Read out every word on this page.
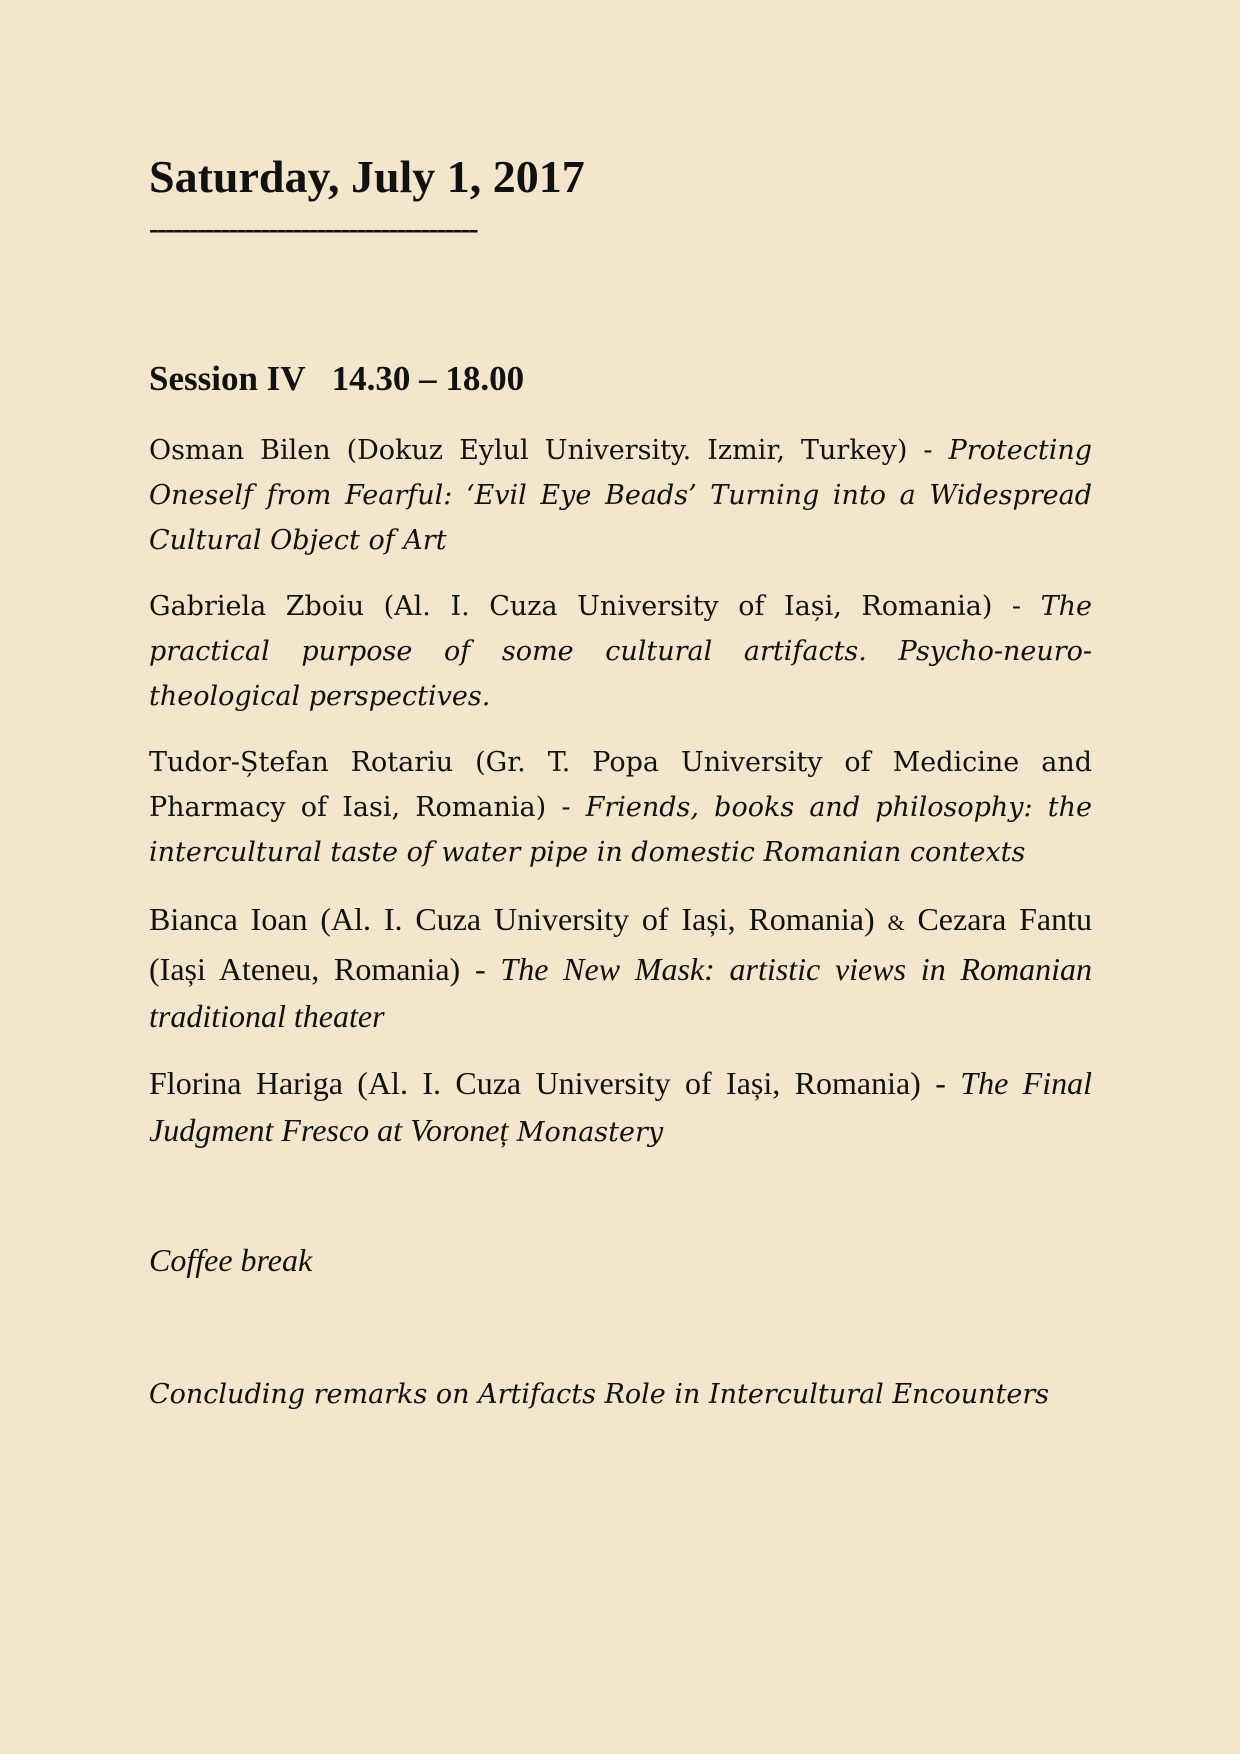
Saturday, July 1, 2017
-----------------------------------------
Session IV 14.30 – 18.00

Osman Bilen (Dokuz Eylul University. Izmir, Turkey) - Protecting Oneself from Fearful: ‘Evil Eye Beads’ Turning into a Widespread Cultural Object of Art

Gabriela Zboiu (Al. I. Cuza University of Iași, Romania) - The practical purpose of some cultural artifacts. Psycho-neuro-theological perspectives.

Tudor-Ștefan Rotariu (Gr. T. Popa University of Medicine and Pharmacy of Iasi, Romania) - Friends, books and philosophy: the intercultural taste of water pipe in domestic Romanian contexts

Bianca Ioan (Al. I. Cuza University of Iași, Romania) & Cezara Fantu (Iași Ateneu, Romania) - The New Mask: artistic views in Romanian traditional theater

Florina Hariga (Al. I. Cuza University of Iași, Romania) - The Final Judgment Fresco at Voroneț Monastery

Coffee break
Concluding remarks on Artifacts Role in Intercultural Encounters
